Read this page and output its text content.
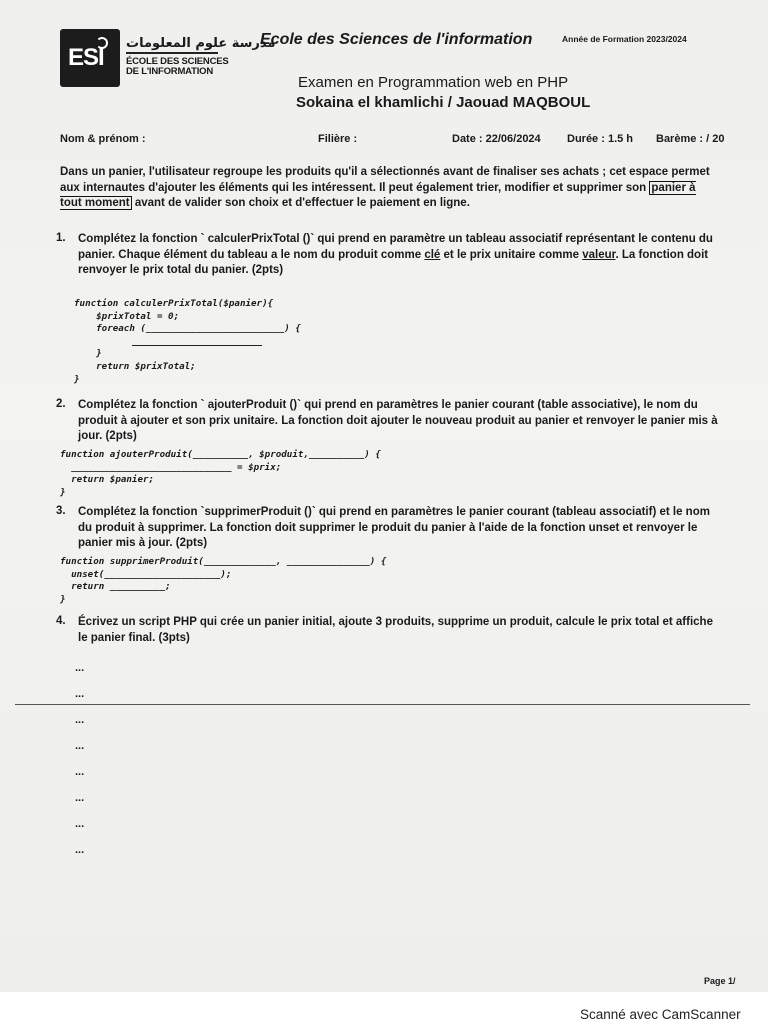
ESI
مدرسة علوم المعلومات
ÉCOLE DES SCIENCES
DE L'INFORMATION
Ecole des Sciences de l'information	Année de Formation 2023/2024
Examen en Programmation web en PHP
Sokaina el khamlichi / Jaouad MAQBOUL
Nom & prénom :	Filière :	Date : 22/06/2024 Durée : 1.5 h Barème : / 20

Dans un panier, l'utilisateur regroupe les produits qu'il a sélectionnés avant de finaliser ses achats ; cet espace permet aux internautes d'ajouter les éléments qui les intéressent. Il peut également trier, modifier et supprimer son panier à tout moment avant de valider son choix et d'effectuer le paiement en ligne.

1. Complétez la fonction ` calculerPrixTotal ()` qui prend en paramètre un tableau associatif représentant le contenu du panier. Chaque élément du tableau a le nom du produit comme clé et le prix unitaire comme valeur. La fonction doit renvoyer le prix total du panier. (2pts)

function calculerPrixTotal($panier){
$prixTotal = 0;
foreach (_________________________) {

}
return $prixTotal;
}
2. Complétez la fonction ` ajouterProduit ()` qui prend en paramètres le panier courant (table associative), le nom du produit à ajouter et son prix unitaire. La fonction doit ajouter le nouveau produit au panier et renvoyer le panier mis à jour. (2pts)

function ajouterProduit(__________, $produit,__________) {
_____________________________ = $prix;
return $panier;
}
3. Complétez la fonction `supprimerProduit ()` qui prend en paramètres le panier courant (tableau associatif) et le nom du produit à supprimer. La fonction doit supprimer le produit du panier à l'aide de la fonction unset et renvoyer le panier mis à jour. (2pts)

function supprimerProduit(_____________, _______________) {
unset(_____________________);
return __________;
}
4. Écrivez un script PHP qui crée un panier initial, ajoute 3 produits, supprime un produit, calcule le prix total et affiche le panier final. (3pts)

...
...
...
...
...
...
...
...
Page 1/
Scanné avec CamScanner
